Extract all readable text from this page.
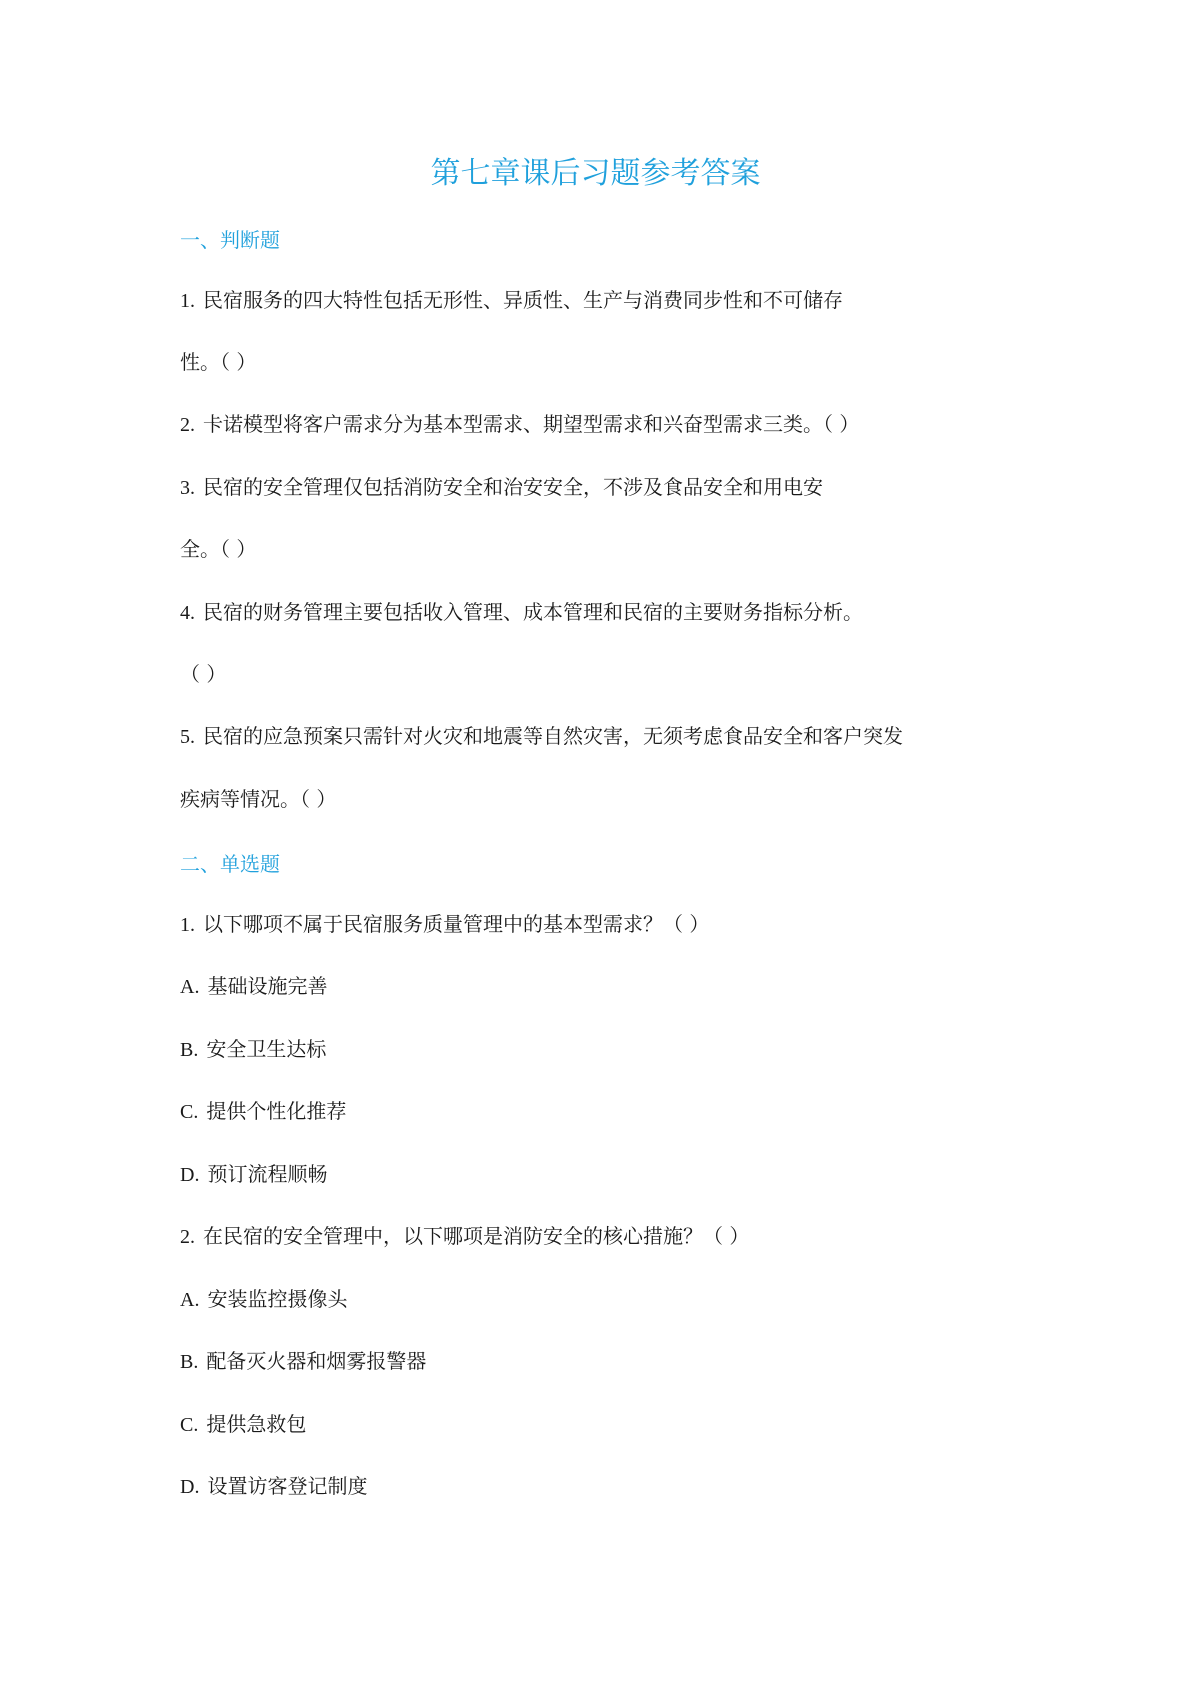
第七章课后习题参考答案
一、判断题

1. 民宿服务的四大特性包括无形性、异质性、生产与消费同步性和不可储存

性。（ ）

2. 卡诺模型将客户需求分为基本型需求、期望型需求和兴奋型需求三类。（ ）

3. 民宿的安全管理仅包括消防安全和治安安全，不涉及食品安全和用电安

全。（ ）

4. 民宿的财务管理主要包括收入管理、成本管理和民宿的主要财务指标分析。

（ ）

5. 民宿的应急预案只需针对火灾和地震等自然灾害，无须考虑食品安全和客户突发

疾病等情况。（ ）

二、单选题

1. 以下哪项不属于民宿服务质量管理中的基本型需求？（ ）

A. 基础设施完善

B. 安全卫生达标

C. 提供个性化推荐

D. 预订流程顺畅

2. 在民宿的安全管理中，以下哪项是消防安全的核心措施？（ ）

A. 安装监控摄像头

B. 配备灭火器和烟雾报警器

C. 提供急救包

D. 设置访客登记制度
